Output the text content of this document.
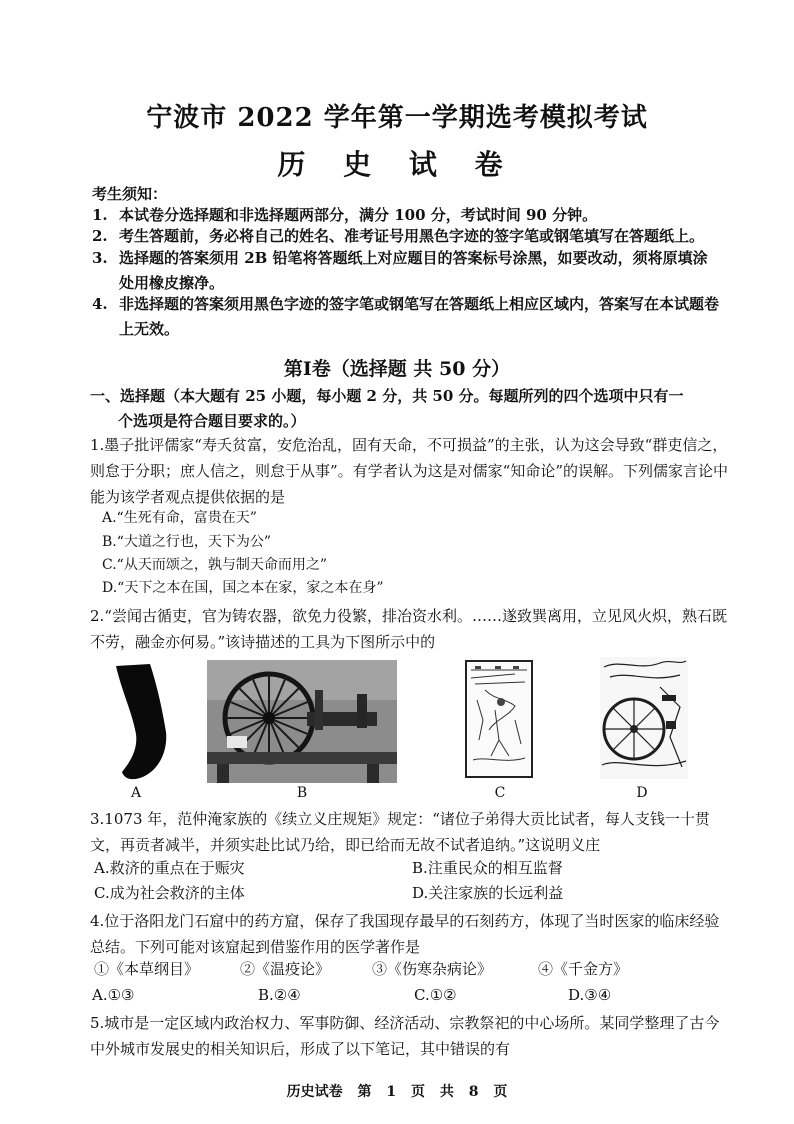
宁波市 2022 学年第一学期选考模拟考试
历 史 试 卷
考生须知：
1. 本试卷分选择题和非选择题两部分，满分 100 分，考试时间 90 分钟。
2. 考生答题前，务必将自己的姓名、准考证号用黑色字迹的签字笔或钢笔填写在答题纸上。
3. 选择题的答案须用 2B 铅笔将答题纸上对应题目的答案标号涂黑，如要改动，须将原填涂处用橡皮擦净。
4. 非选择题的答案须用黑色字迹的签字笔或钢笔写在答题纸上相应区域内，答案写在本试题卷上无效。
第Ⅰ卷（选择题 共 50 分）
一、选择题（本大题有 25 小题，每小题 2 分，共 50 分。每题所列的四个选项中只有一
个选项是符合题目要求的。）
1.墨子批评儒家“寿夭贫富，安危治乱，固有天命，不可损益”的主张，认为这会导致“群吏信之，则怠于分职；庶人信之，则怠于从事”。有学者认为这是对儒家“知命论”的误解。下列儒家言论中能为该学者观点提供依据的是
A.“生死有命，富贵在天”
B.“大道之行也，天下为公”
C.“从天而颂之，孰与制天命而用之”
D.“天下之本在国，国之本在家，家之本在身”
2.“尝闻古循吏，官为铸农器，欲免力役繁，排冶资水利。……遂致巽离用，立见风火炽，熟石既不劳，融金亦何易。”该诗描述的工具为下图所示中的
A	B	C	D
3.1073 年，范仲淹家族的《续立义庄规矩》规定：“诸位子弟得大贡比试者，每人支钱一十贯文，再贡者减半，并须实赴比试乃给，即已给而无故不试者追纳。”这说明义庄
A.救济的重点在于赈灾	B.注重民众的相互监督
C.成为社会救济的主体	D.关注家族的长远利益
4.位于洛阳龙门石窟中的药方窟，保存了我国现存最早的石刻药方，体现了当时医家的临床经验总结。下列可能对该窟起到借鉴作用的医学著作是
①《本草纲目》	②《温疫论》	③《伤寒杂病论》	④《千金方》
A.①③	B.②④	C.①②	D.③④
5.城市是一定区域内政治权力、军事防御、经济活动、宗教祭祀的中心场所。某同学整理了古今中外城市发展史的相关知识后，形成了以下笔记，其中错误的有
历史试卷 第 1 页 共 8 页
